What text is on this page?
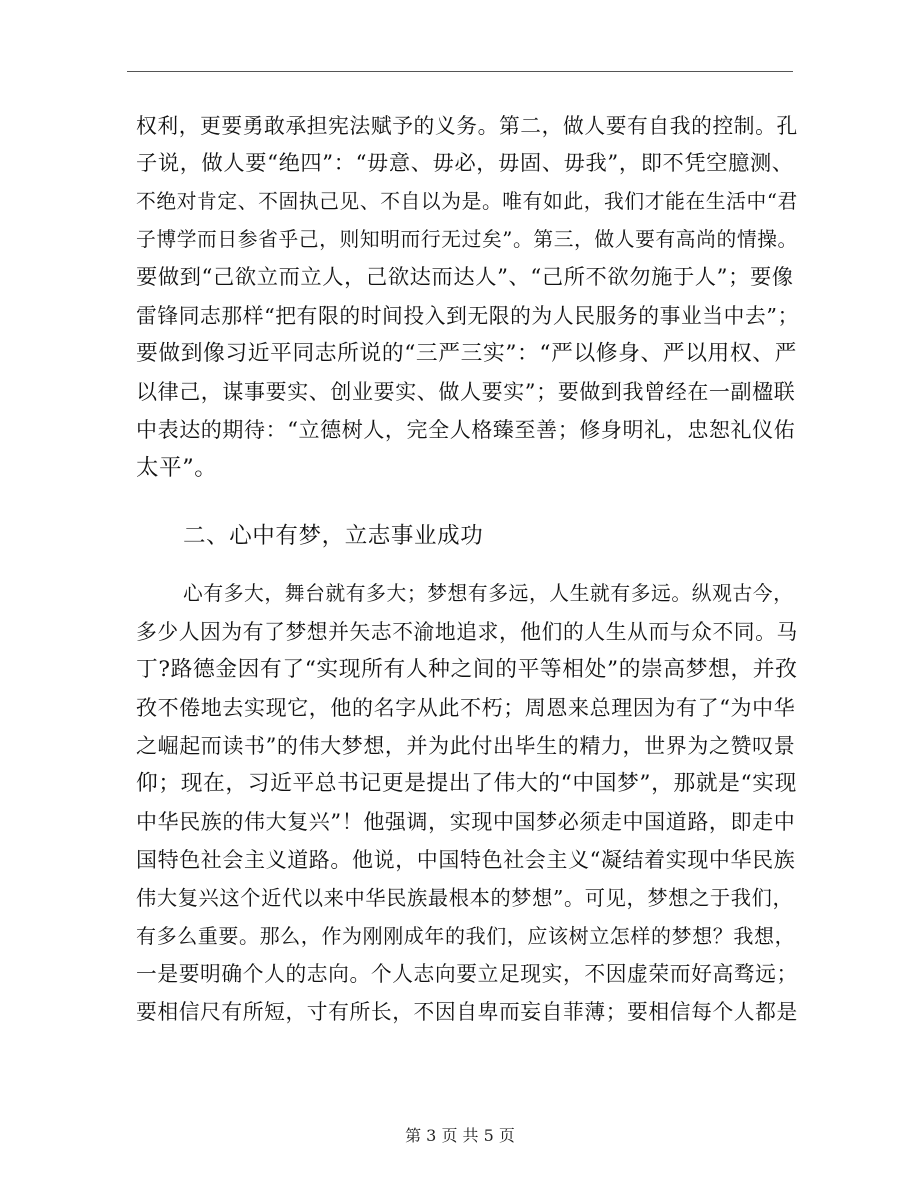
权利，更要勇敢承担宪法赋予的义务。第二，做人要有自我的控制。孔
子说，做人要“绝四”：“毋意、毋必，毋固、毋我”，即不凭空臆测、
不绝对肯定、不固执己见、不自以为是。唯有如此，我们才能在生活中“君
子博学而日参省乎己，则知明而行无过矣”。第三，做人要有高尚的情操。
要做到“己欲立而立人，己欲达而达人”、“己所不欲勿施于人”；要像
雷锋同志那样“把有限的时间投入到无限的为人民服务的事业当中去”；
要做到像习近平同志所说的“三严三实”：“严以修身、严以用权、严
以律己，谋事要实、创业要实、做人要实”；要做到我曾经在一副楹联
中表达的期待：“立德树人，完全人格臻至善；修身明礼，忠恕礼仪佑
太平”。
二、心中有梦，立志事业成功
心有多大，舞台就有多大；梦想有多远，人生就有多远。纵观古今，
多少人因为有了梦想并矢志不渝地追求，他们的人生从而与众不同。马
丁?路德金因有了“实现所有人种之间的平等相处”的崇高梦想，并孜
孜不倦地去实现它，他的名字从此不朽；周恩来总理因为有了“为中华
之崛起而读书”的伟大梦想，并为此付出毕生的精力，世界为之赞叹景
仰；现在，习近平总书记更是提出了伟大的“中国梦”，那就是“实现
中华民族的伟大复兴”！他强调，实现中国梦必须走中国道路，即走中
国特色社会主义道路。他说，中国特色社会主义“凝结着实现中华民族
伟大复兴这个近代以来中华民族最根本的梦想”。可见，梦想之于我们，
有多么重要。那么，作为刚刚成年的我们，应该树立怎样的梦想？我想，
一是要明确个人的志向。个人志向要立足现实，不因虚荣而好高骛远；
要相信尺有所短，寸有所长，不因自卑而妄自菲薄；要相信每个人都是
第 3 页 共 5 页
